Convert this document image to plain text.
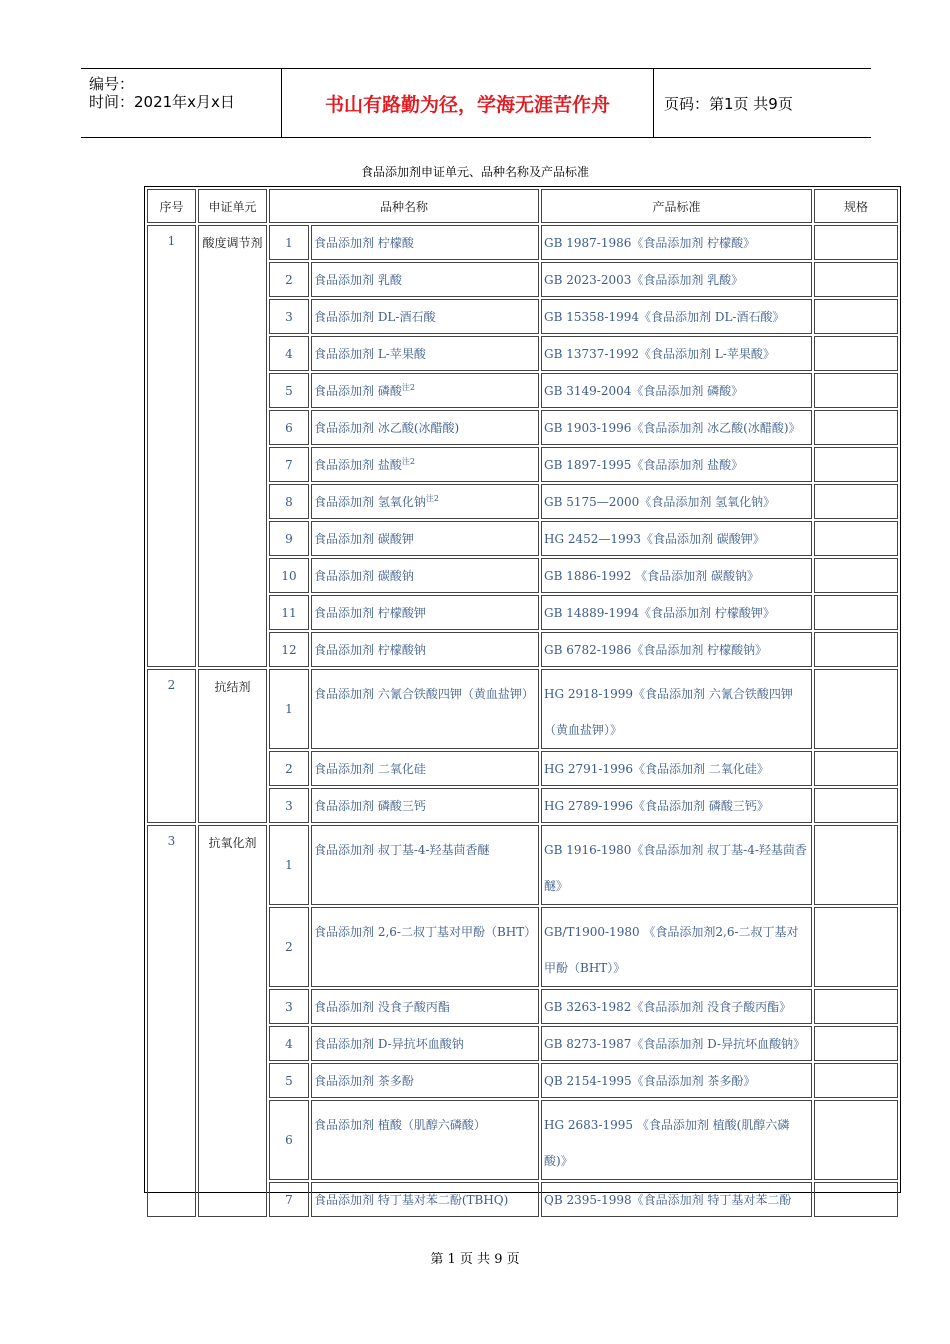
编号：
时间：2021年x月x日	书山有路勤为径，学海无涯苦作舟	页码：第1页 共9页
食品添加剂申证单元、品种名称及产品标准
序号	申证单元	品种名称		产品标准	规格
1	酸度调节剂	1	食品添加剂 柠檬酸	GB 1987-1986《食品添加剂 柠檬酸》	
		2	食品添加剂 乳酸	GB 2023-2003《食品添加剂 乳酸》	
		3	食品添加剂 DL-酒石酸	GB 15358-1994《食品添加剂 DL-酒石酸》	
		4	食品添加剂 L-苹果酸	GB 13737-1992《食品添加剂 L-苹果酸》	
		5	食品添加剂 磷酸$^{注2}$	GB 3149-2004《食品添加剂 磷酸》	
		6	食品添加剂 冰乙酸(冰醋酸)	GB 1903-1996《食品添加剂 冰乙酸(冰醋酸)》	
		7	食品添加剂 盐酸$^{注2}$	GB 1897-1995《食品添加剂 盐酸》	
		8	食品添加剂 氢氧化钠$^{注2}$	GB 5175—2000《食品添加剂 氢氧化钠》	
		9	食品添加剂 碳酸钾	HG 2452—1993《食品添加剂 碳酸钾》	
		10	食品添加剂 碳酸钠	GB 1886-1992 《食品添加剂 碳酸钠》	
		11	食品添加剂 柠檬酸钾	GB 14889-1994《食品添加剂 柠檬酸钾》	
		12	食品添加剂 柠檬酸钠	GB 6782-1986《食品添加剂 柠檬酸钠》	
2	抗结剂	1	食品添加剂 六氰合铁酸四钾（黄血盐钾）	HG 2918-1999《食品添加剂 六氰合铁酸四钾（黄血盐钾）》	
		2	食品添加剂 二氧化硅	HG 2791-1996《食品添加剂 二氧化硅》	
		3	食品添加剂 磷酸三钙	HG 2789-1996《食品添加剂 磷酸三钙》	
3	抗氧化剂	1	食品添加剂 叔丁基-4-羟基茴香醚	GB 1916-1980《食品添加剂 叔丁基-4-羟基茴香醚》	
		2	食品添加剂 2,6-二叔丁基对甲酚（BHT）	GB/T1900-1980 《食品添加剂2,6-二叔丁基对甲酚（BHT）》	
		3	食品添加剂 没食子酸丙酯	GB 3263-1982《食品添加剂 没食子酸丙酯》	
		4	食品添加剂 D-异抗坏血酸钠	GB 8273-1987《食品添加剂 D-异抗坏血酸钠》	
		5	食品添加剂 茶多酚	QB 2154-1995《食品添加剂 茶多酚》	
		6	食品添加剂 植酸（肌醇六磷酸）	HG 2683-1995 《食品添加剂 植酸(肌醇六磷酸)》	
		7	食品添加剂 特丁基对苯二酚(TBHQ)	QB 2395-1998《食品添加剂 特丁基对苯二酚	
第 1 页 共 9 页
